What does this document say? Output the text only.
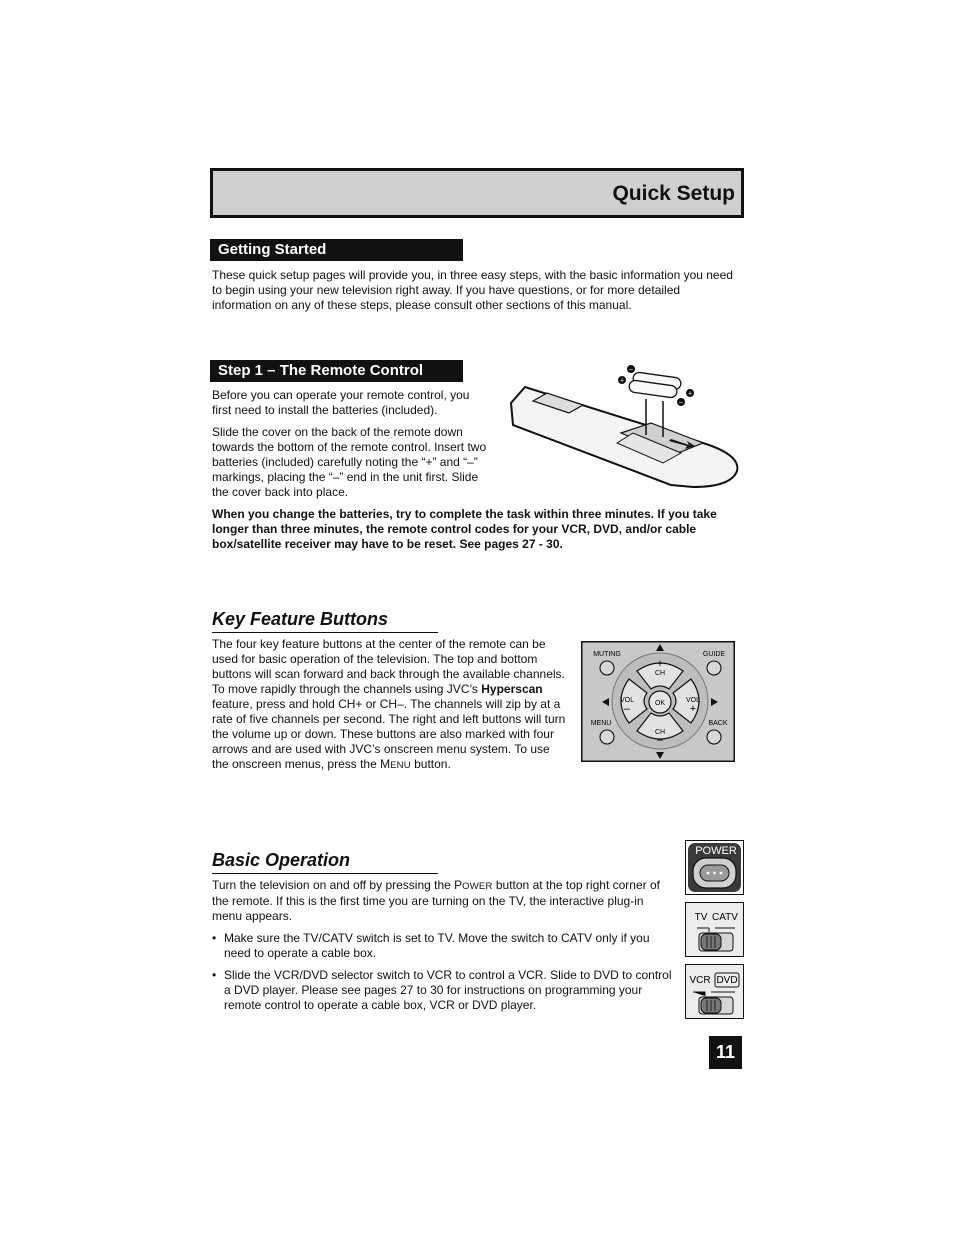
Quick Setup
Getting Started

These quick setup pages will provide you, in three easy steps, with the basic information you need to begin using your new television right away. If you have questions, or for more detailed information on any of these steps, please consult other sections of this manual.

Step 1 – The Remote Control

Before you can operate your remote control, you first need to install the batteries (included).

Slide the cover on the back of the remote down towards the bottom of the remote control. Insert two batteries (included) carefully noting the “+” and “–” markings, placing the “–” end in the unit first. Slide the cover back into place.

–
+
+
–
When you change the batteries, try to complete the task within three minutes. If you take longer than three minutes, the remote control codes for your VCR, DVD, and/or cable box/satellite receiver may have to be reset. See pages 27 - 30.
Key Feature Buttons
The four key feature buttons at the center of the remote can be used for basic operation of the television. The top and bottom buttons will scan forward and back through the available channels. To move rapidly through the channels using JVC’s Hyperscan feature, press and hold CH+ or CH–. The channels will zip by at a rate of five channels per second. The right and left buttons will turn the volume up or down. These buttons are also marked with four arrows and are used with JVC’s onscreen menu system. To use the onscreen menus, press the MENU button.
MUTING	GUIDE
MENU	BACK
+
CH
CH
–
VOL
–
VOL
+
OK
Basic Operation

Turn the television on and off by pressing the POWER button at the top right corner of the remote. If this is the first time you are turning on the TV, the interactive plug-in menu appears.

• Make sure the TV/CATV switch is set to TV. Move the switch to CATV only if you need to operate a cable box.
• Slide the VCR/DVD selector switch to VCR to control a VCR. Slide to DVD to control a DVD player. Please see pages 27 to 30 for instructions on programming your remote control to operate a cable box, VCR or DVD player.
POWER
TV CATV
VCR DVD
11
